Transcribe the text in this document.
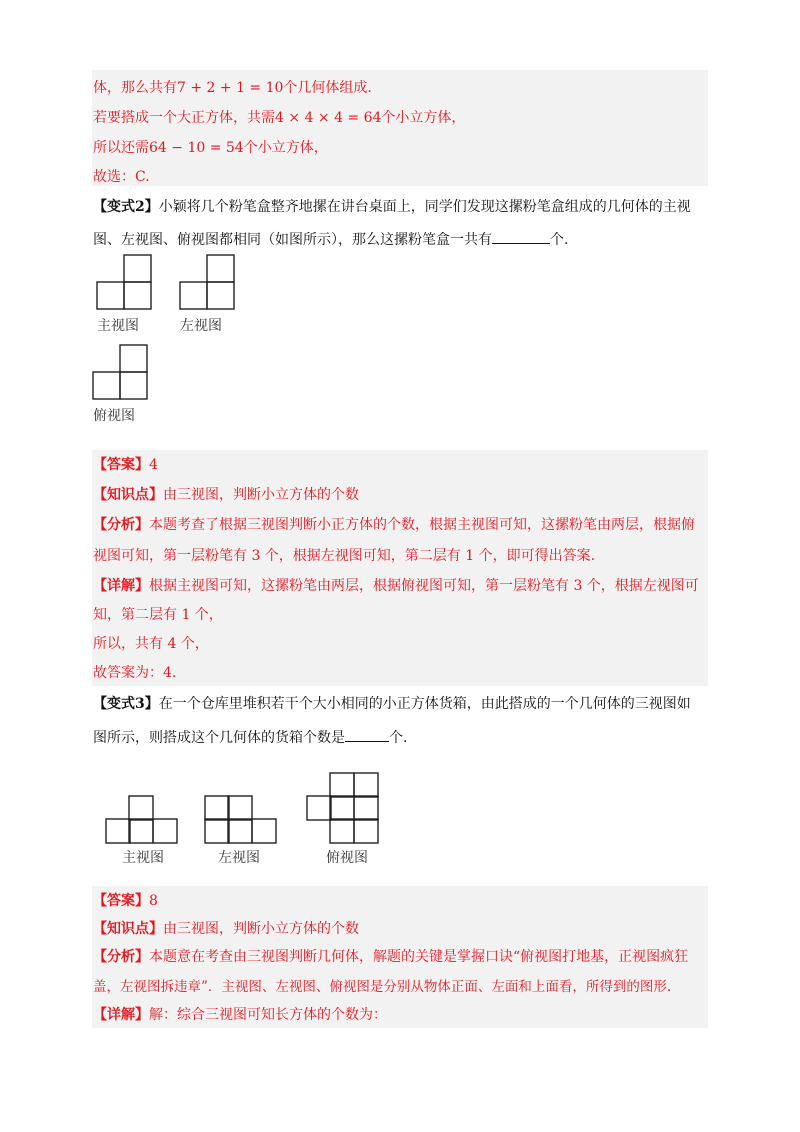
体，那么共有7 + 2 + 1 = 10个几何体组成.
若要搭成一个大正方体，共需4 × 4 × 4 = 64个小立方体，
所以还需64 − 10 = 54个小立方体，
故选：C.
【变式2】小颖将几个粉笔盒整齐地摞在讲台桌面上，同学们发现这摞粉笔盒组成的几何体的主视
图、左视图、俯视图都相同（如图所示），那么这摞粉笔盒一共有	个.
主视图	左视图
俯视图
【答案】4
【知识点】由三视图，判断小立方体的个数
【分析】本题考查了根据三视图判断小正方体的个数，根据主视图可知，这摞粉笔由两层，根据俯
视图可知，第一层粉笔有 3 个，根据左视图可知，第二层有 1 个，即可得出答案.
【详解】根据主视图可知，这摞粉笔由两层，根据俯视图可知，第一层粉笔有 3 个，根据左视图可
知，第二层有 1 个，
所以，共有 4 个，
故答案为：4.
【变式3】在一个仓库里堆积若干个大小相同的小正方体货箱，由此搭成的一个几何体的三视图如
图所示，则搭成这个几何体的货箱个数是	个.
主视图	左视图	俯视图
【答案】8
【知识点】由三视图，判断小立方体的个数
【分析】本题意在考查由三视图判断几何体，解题的关键是掌握口诀“俯视图打地基，正视图疯狂
盖，左视图拆违章”．主视图、左视图、俯视图是分别从物体正面、左面和上面看，所得到的图形.
【详解】解：综合三视图可知长方体的个数为：
